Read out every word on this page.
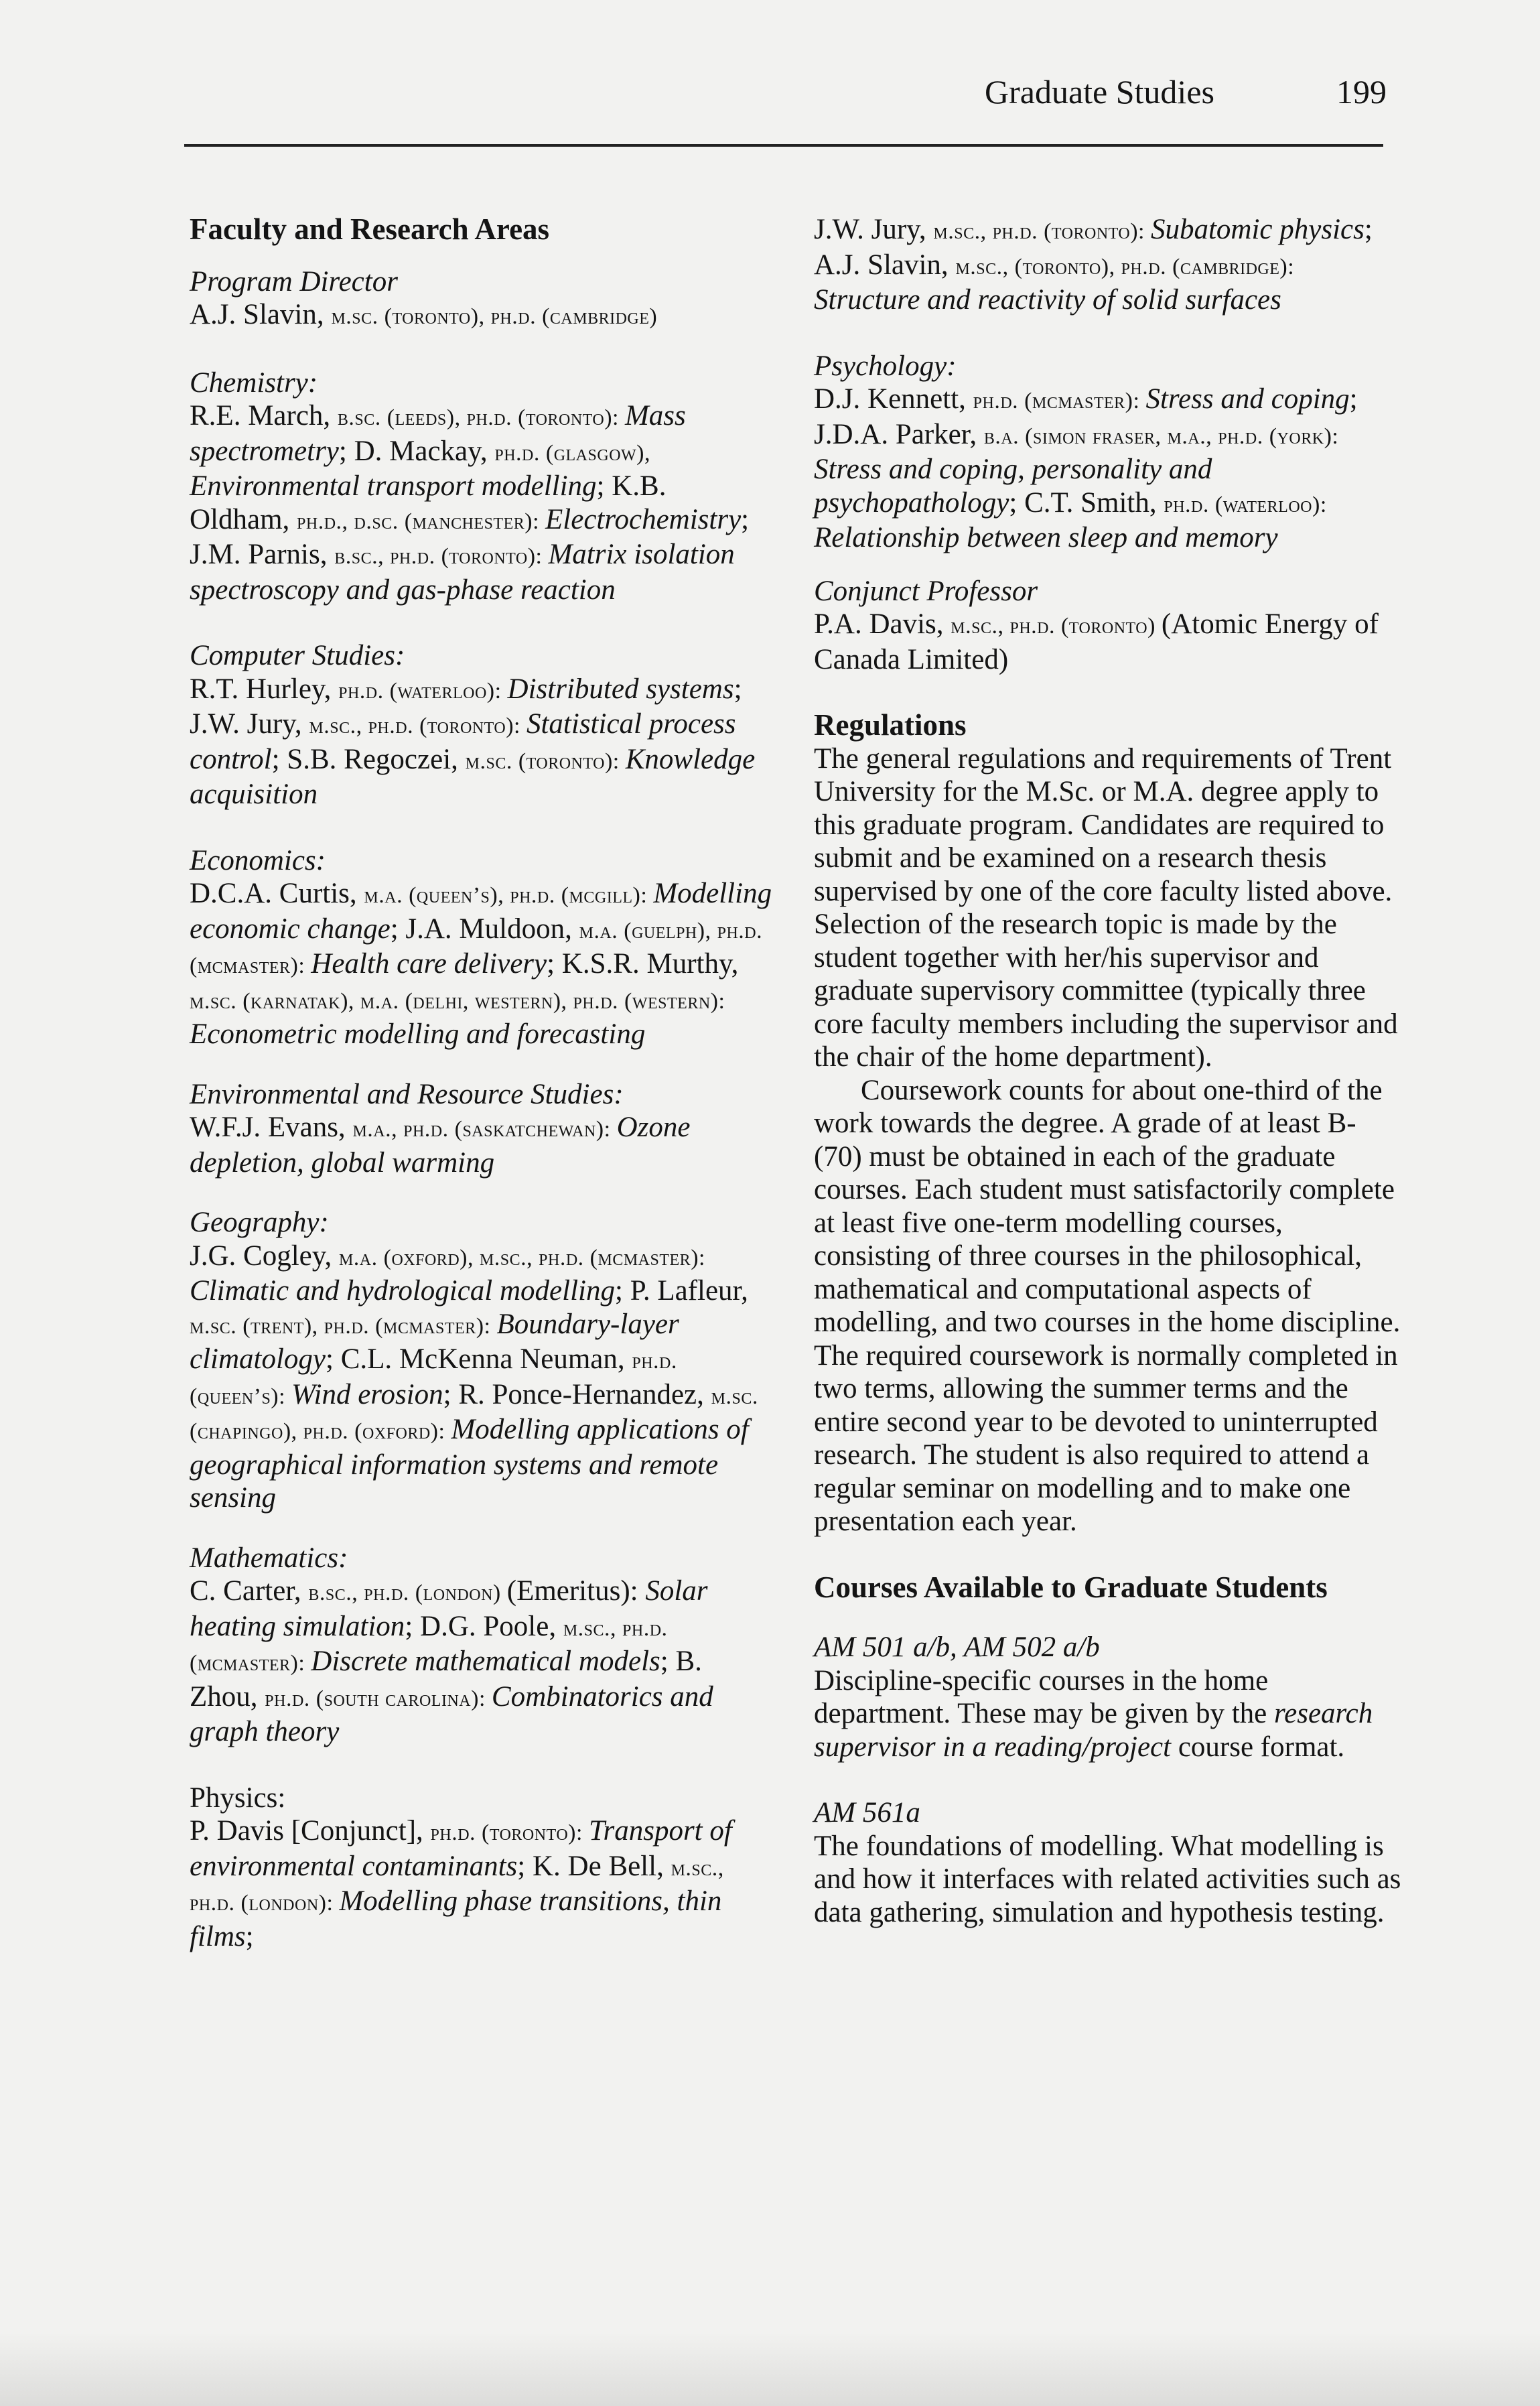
Graduate Studies	199

Faculty and Research Areas

Program Director

A.J. Slavin, m.sc. (toronto), ph.d. (cambridge)

Chemistry:

R.E. March, b.sc. (leeds), ph.d. (toronto): Mass spectrometry; D. Mackay, ph.d. (glasgow), Environmental transport modelling; K.B. Oldham, ph.d., d.sc. (manchester): Electrochemistry; J.M. Parnis, b.sc., ph.d. (toronto): Matrix isolation spectroscopy and gas-phase reaction

Computer Studies:

R.T. Hurley, ph.d. (waterloo): Distributed systems; J.W. Jury, m.sc., ph.d. (toronto): Statistical process control; S.B. Regoczei, m.sc. (toronto): Knowledge acquisition

Economics:

D.C.A. Curtis, m.a. (queen’s), ph.d. (mcgill): Modelling economic change; J.A. Muldoon, m.a. (guelph), ph.d. (mcmaster): Health care delivery; K.S.R. Murthy, m.sc. (karnatak), m.a. (delhi, western), ph.d. (western): Econometric modelling and forecasting

Environmental and Resource Studies:

W.F.J. Evans, m.a., ph.d. (saskatchewan): Ozone depletion, global warming

Geography:

J.G. Cogley, m.a. (oxford), m.sc., ph.d. (mcmaster): Climatic and hydrological modelling; P. Lafleur, m.sc. (trent), ph.d. (mcmaster): Boundary-layer climatology; C.L. McKenna Neuman, ph.d. (queen’s): Wind erosion; R. Ponce-Hernandez, m.sc. (chapingo), ph.d. (oxford): Modelling applications of geographical information systems and remote sensing

Mathematics:

C. Carter, b.sc., ph.d. (london) (Emeritus): Solar heating simulation; D.G. Poole, m.sc., ph.d. (mcmaster): Discrete mathematical models; B. Zhou, ph.d. (south carolina): Combinatorics and graph theory

Physics:

P. Davis [Conjunct], ph.d. (toronto): Transport of environmental contaminants; K. De Bell, m.sc., ph.d. (london): Modelling phase transitions, thin films;

J.W. Jury, m.sc., ph.d. (toronto): Subatomic physics; A.J. Slavin, m.sc., (toronto), ph.d. (cambridge): Structure and reactivity of solid surfaces

Psychology:

D.J. Kennett, ph.d. (mcmaster): Stress and coping; J.D.A. Parker, b.a. (simon fraser, m.a., ph.d. (york): Stress and coping, personality and psychopathology; C.T. Smith, ph.d. (waterloo): Relationship between sleep and memory

Conjunct Professor

P.A. Davis, m.sc., ph.d. (toronto) (Atomic Energy of Canada Limited)

Regulations

The general regulations and requirements of Trent University for the M.Sc. or M.A. degree apply to this graduate program. Candidates are required to submit and be examined on a research thesis supervised by one of the core faculty listed above. Selection of the research topic is made by the student together with her/his supervisor and graduate supervisory committee (typically three core faculty members including the supervisor and the chair of the home department).

Coursework counts for about one-third of the work towards the degree. A grade of at least B- (70) must be obtained in each of the graduate courses. Each student must satisfactorily complete at least five one-term modelling courses, consisting of three courses in the philosophical, mathematical and computational aspects of modelling, and two courses in the home discipline. The required coursework is normally completed in two terms, allowing the summer terms and the entire second year to be devoted to uninterrupted research. The student is also required to attend a regular seminar on modelling and to make one presentation each year.

Courses Available to Graduate Students

AM 501 a/b, AM 502 a/b

Discipline-specific courses in the home department. These may be given by the research supervisor in a reading/project course format.

AM 561a

The foundations of modelling. What modelling is and how it interfaces with related activities such as data gathering, simulation and hypothesis testing.
